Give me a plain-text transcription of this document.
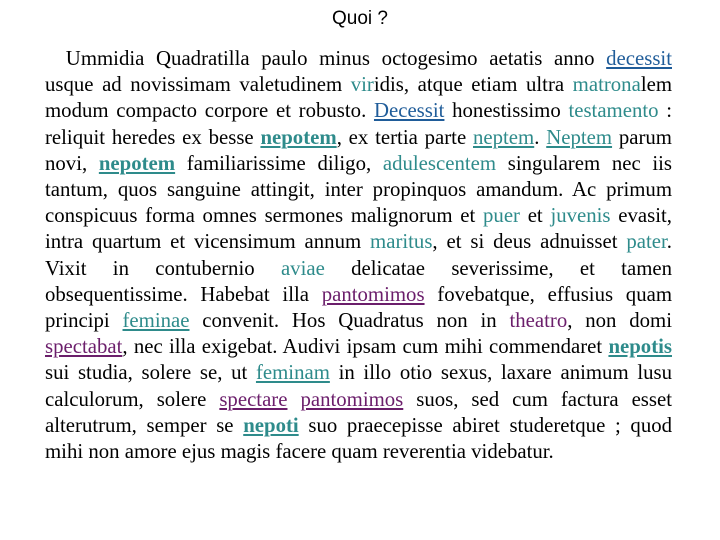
Quoi ?

 Ummidia Quadratilla paulo minus octogesimo aetatis anno decessit usque ad novissimam valetudinem viridis, atque etiam ultra matronalem modum compacto corpore et robusto. Decessit honestissimo testamento : reliquit heredes ex besse nepotem, ex tertia parte neptem. Neptem parum novi, nepotem familiarissime diligo, adulescentem singularem nec iis tantum, quos sanguine attingit, inter propinquos amandum. Ac primum conspicuus forma omnes sermones malignorum et puer et juvenis evasit, intra quartum et vicensimum annum maritus, et si deus adnuisset pater. Vixit in contubernio aviae delicatae severissime, et tamen obsequentissime. Habebat illa pantomimos fovebatque, effusius quam principi feminae convenit. Hos Quadratus non in theatro, non domi spectabat, nec illa exigebat. Audivi ipsam cum mihi commendaret nepotis sui studia, solere se, ut feminam in illo otio sexus, laxare animum lusu calculorum, solere spectare pantomimos suos, sed cum factura esset alterutrum, semper se nepoti suo praecepisse abiret studeretque ; quod mihi non amore ejus magis facere quam reverentia videbatur.
